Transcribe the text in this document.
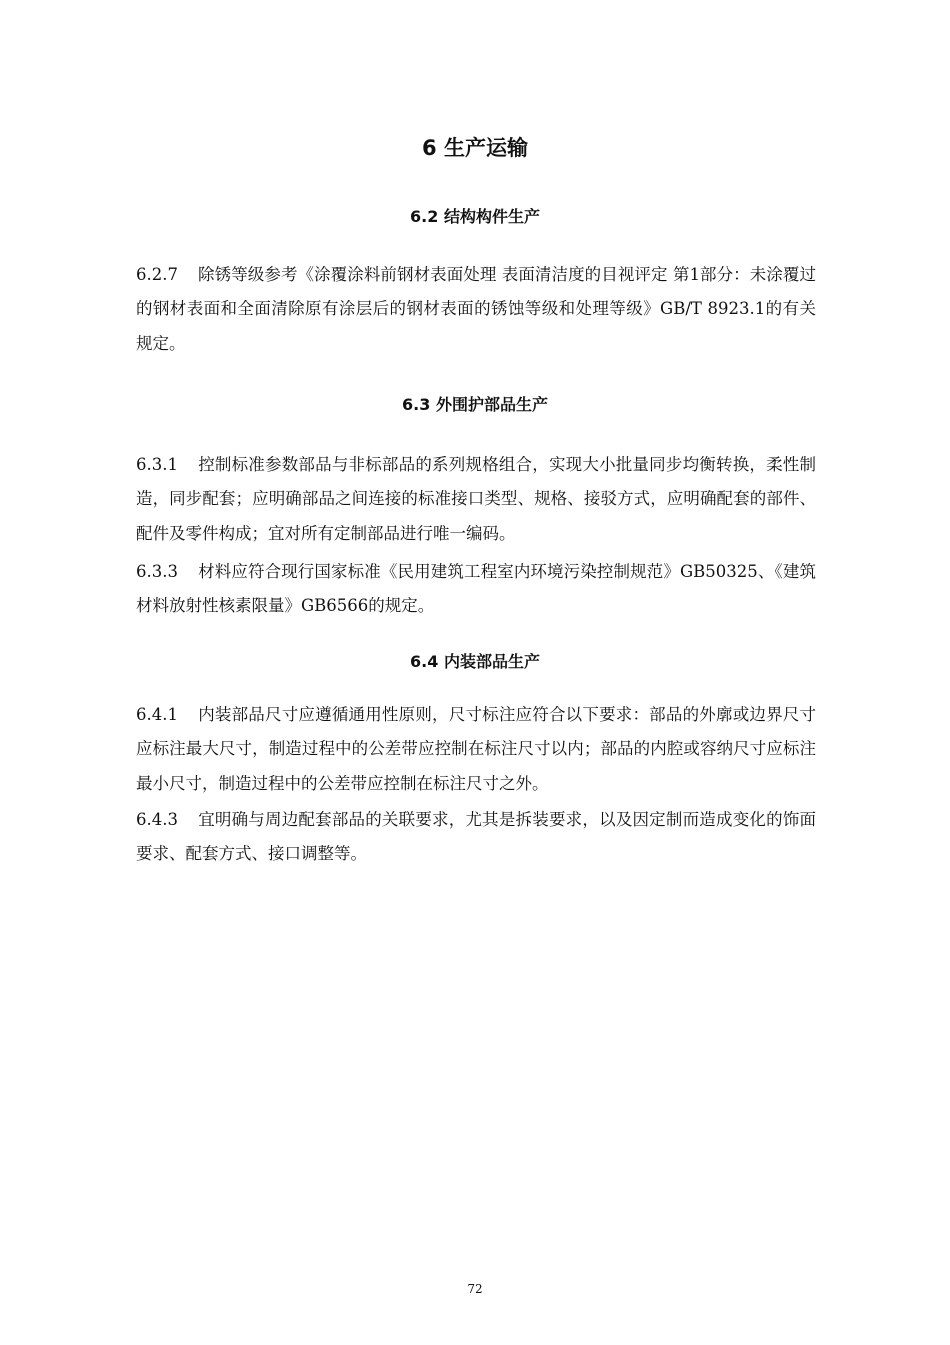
6 生产运输
6.2 结构构件生产

6.2.7 除锈等级参考《涂覆涂料前钢材表面处理 表面清洁度的目视评定 第1部分：未涂覆过的钢材表面和全面清除原有涂层后的钢材表面的锈蚀等级和处理等级》GB/T 8923.1的有关规定。

6.3 外围护部品生产

6.3.1 控制标准参数部品与非标部品的系列规格组合，实现大小批量同步均衡转换，柔性制造，同步配套；应明确部品之间连接的标准接口类型、规格、接驳方式，应明确配套的部件、配件及零件构成；宜对所有定制部品进行唯一编码。

6.3.3 材料应符合现行国家标准《民用建筑工程室内环境污染控制规范》GB50325、《建筑材料放射性核素限量》GB6566的规定。

6.4 内装部品生产

6.4.1 内装部品尺寸应遵循通用性原则，尺寸标注应符合以下要求：部品的外廓或边界尺寸应标注最大尺寸，制造过程中的公差带应控制在标注尺寸以内；部品的内腔或容纳尺寸应标注最小尺寸，制造过程中的公差带应控制在标注尺寸之外。

6.4.3 宜明确与周边配套部品的关联要求，尤其是拆装要求，以及因定制而造成变化的饰面要求、配套方式、接口调整等。

72
